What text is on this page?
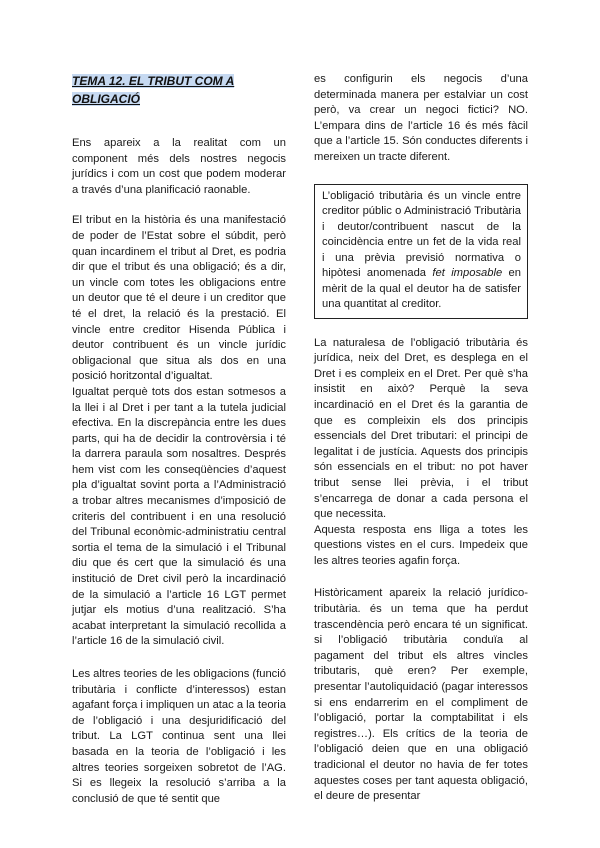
TEMA 12. EL TRIBUT COM A OBLIGACIÓ

Ens apareix a la realitat com un component més dels nostres negocis jurídics i com un cost que podem moderar a través d’una planificació raonable.

El tribut en la història és una manifestació de poder de l’Estat sobre el súbdit, però quan incardinem el tribut al Dret, es podria dir que el tribut és una obligació; és a dir, un vincle com totes les obligacions entre un deutor que té el deure i un creditor que té el dret, la relació és la prestació. El vincle entre creditor Hisenda Pública i deutor contribuent és un vincle jurídic obligacional que situa als dos en una posició horitzontal d’igualtat.

Igualtat perquè tots dos estan sotmesos a la llei i al Dret i per tant a la tutela judicial efectiva. En la discrepància entre les dues parts, qui ha de decidir la controvèrsia i té la darrera paraula som nosaltres. Després hem vist com les conseqüències d’aquest pla d’igualtat sovint porta a l’Administració a trobar altres mecanismes d’imposició de criteris del contribuent i en una resolució del Tribunal econòmic-administratiu central sortia el tema de la simulació i el Tribunal diu que és cert que la simulació és una institució de Dret civil però la incardinació de la simulació a l’article 16 LGT permet jutjar els motius d’una realització. S’ha acabat interpretant la simulació recollida a l’article 16 de la simulació civil.

Les altres teories de les obligacions (funció tributària i conflicte d’interessos) estan agafant força i impliquen un atac a la teoria de l’obligació i una desjuridificació del tribut. La LGT continua sent una llei basada en la teoria de l’obligació i les altres teories sorgeixen sobretot de l’AG. Si es llegeix la resolució s’arriba a la conclusió de que té sentit que

es configurin els negocis d’una determinada manera per estalviar un cost però, va crear un negoci fictici? NO. L’empara dins de l’article 16 és més fàcil que a l’article 15. Són conductes diferents i mereixen un tracte diferent.

L’obligació tributària és un vincle entre creditor públic o Administració Tributària i deutor/contribuent nascut de la coincidència entre un fet de la vida real i una prèvia previsió normativa o hipòtesi anomenada fet imposable en mèrit de la qual el deutor ha de satisfer una quantitat al creditor.

La naturalesa de l’obligació tributària és jurídica, neix del Dret, es desplega en el Dret i es compleix en el Dret. Per què s’ha insistit en això? Perquè la seva incardinació en el Dret és la garantia de que es compleixin els dos principis essencials del Dret tributari: el principi de legalitat i de justícia. Aquests dos principis són essencials en el tribut: no pot haver tribut sense llei prèvia, i el tribut s’encarrega de donar a cada persona el que necessita.

Aquesta resposta ens lliga a totes les questions vistes en el curs. Impedeix que les altres teories agafin força.

Històricament apareix la relació jurídico-tributària. és un tema que ha perdut trascendència però encara té un significat. si l’obligació tributària conduïa al pagament del tribut els altres vincles tributaris, què eren? Per exemple, presentar l’autoliquidació (pagar interessos si ens endarrerim en el compliment de l’obligació, portar la comptabilitat i els registres…). Els crítics de la teoria de l’obligació deien que en una obligació tradicional el deutor no havia de fer totes aquestes coses per tant aquesta obligació, el deure de presentar
